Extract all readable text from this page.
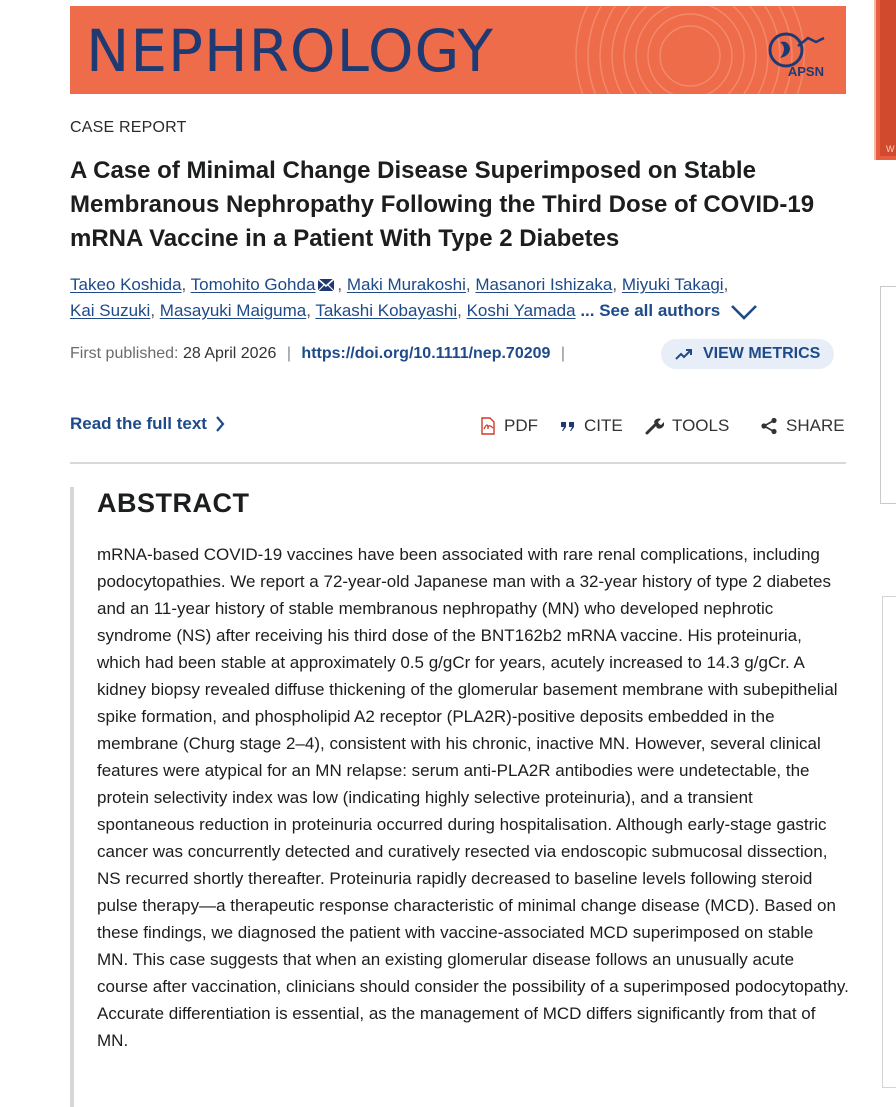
NEPHROLOGY	APSN
W
CASE REPORT
A Case of Minimal Change Disease Superimposed on Stable Membranous Nephropathy Following the Third Dose of COVID-19 mRNA Vaccine in a Patient With Type 2 Diabetes
Takeo Koshida, Tomohito Gohda , Maki Murakoshi, Masanori Ishizaka, Miyuki Takagi,
Kai Suzuki, Masayuki Maiguma, Takashi Kobayashi, Koshi Yamada ... See all authors
First published: 28 April 2026 | https://doi.org/10.1111/nep.70209 |	VIEW METRICS
Read the full text	PDF	CITE	TOOLS	SHARE
ABSTRACT

mRNA-based COVID-19 vaccines have been associated with rare renal complications, including podocytopathies. We report a 72-year-old Japanese man with a 32-year history of type 2 diabetes and an 11-year history of stable membranous nephropathy (MN) who developed nephrotic syndrome (NS) after receiving his third dose of the BNT162b2 mRNA vaccine. His proteinuria, which had been stable at approximately 0.5 g/gCr for years, acutely increased to 14.3 g/gCr. A kidney biopsy revealed diffuse thickening of the glomerular basement membrane with subepithelial spike formation, and phospholipid A2 receptor (PLA2R)-positive deposits embedded in the membrane (Churg stage 2–4), consistent with his chronic, inactive MN. However, several clinical features were atypical for an MN relapse: serum anti-PLA2R antibodies were undetectable, the protein selectivity index was low (indicating highly selective proteinuria), and a transient spontaneous reduction in proteinuria occurred during hospitalisation. Although early-stage gastric cancer was concurrently detected and curatively resected via endoscopic submucosal dissection, NS recurred shortly thereafter. Proteinuria rapidly decreased to baseline levels following steroid pulse therapy—a therapeutic response characteristic of minimal change disease (MCD). Based on these findings, we diagnosed the patient with vaccine-associated MCD superimposed on stable MN. This case suggests that when an existing glomerular disease follows an unusually acute course after vaccination, clinicians should consider the possibility of a superimposed podocytopathy. Accurate differentiation is essential, as the management of MCD differs significantly from that of MN.
